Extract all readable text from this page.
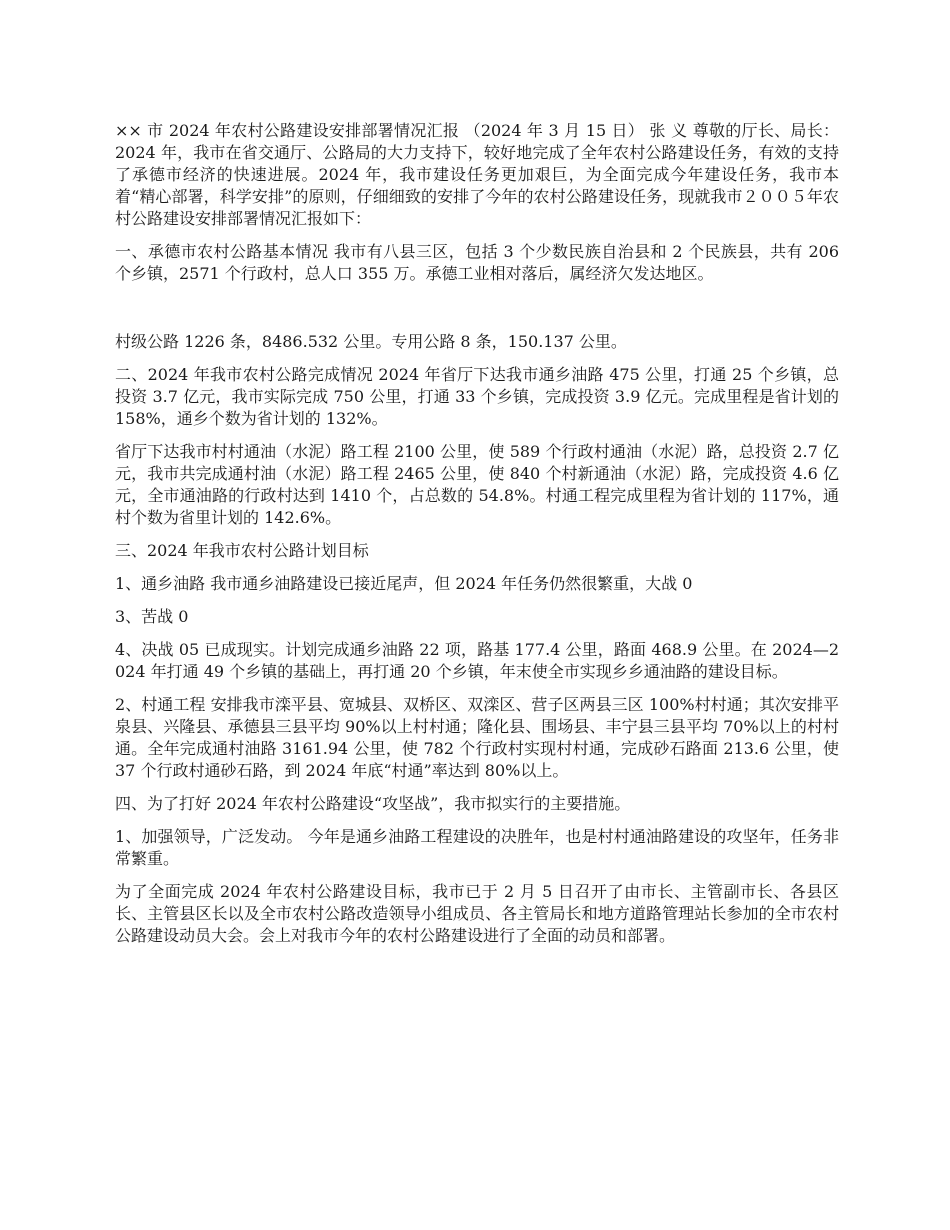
×× 市 2024 年农村公路建设安排部署情况汇报 （2024 年 3 月 15 日） 张 义 尊敬的厅长、局长： 2024 年，我市在省交通厅、公路局的大力支持下，较好地完成了全年农村公路建设任务，有效的支持了承德市经济的快速进展。2024 年，我市建设任务更加艰巨，为全面完成今年建设任务，我市本着“精心部署，科学安排”的原则，仔细细致的安排了今年的农村公路建设任务，现就我市２００５年农村公路建设安排部署情况汇报如下：

一、承德市农村公路基本情况 我市有八县三区，包括 3 个少数民族自治县和 2 个民族县，共有 206 个乡镇，2571 个行政村，总人口 355 万。承德工业相对落后，属经济欠发达地区。

村级公路 1226 条，8486.532 公里。专用公路 8 条，150.137 公里。

二、2024 年我市农村公路完成情况 2024 年省厅下达我市通乡油路 475 公里，打通 25 个乡镇，总投资 3.7 亿元，我市实际完成 750 公里，打通 33 个乡镇，完成投资 3.9 亿元。完成里程是省计划的 158%，通乡个数为省计划的 132%。

省厅下达我市村村通油（水泥）路工程 2100 公里，使 589 个行政村通油（水泥）路，总投资 2.7 亿元，我市共完成通村油（水泥）路工程 2465 公里，使 840 个村新通油（水泥）路，完成投资 4.6 亿元，全市通油路的行政村达到 1410 个，占总数的 54.8%。村通工程完成里程为省计划的 117%，通村个数为省里计划的 142.6%。

三、2024 年我市农村公路计划目标

1、通乡油路 我市通乡油路建设已接近尾声，但 2024 年任务仍然很繁重，大战 0

3、苦战 0

4、决战 05 已成现实。计划完成通乡油路 22 项，路基 177.4 公里，路面 468.9 公里。在 2024—2024 年打通 49 个乡镇的基础上，再打通 20 个乡镇，年末使全市实现乡乡通油路的建设目标。

2、村通工程 安排我市滦平县、宽城县、双桥区、双滦区、营子区两县三区 100%村村通；其次安排平泉县、兴隆县、承德县三县平均 90%以上村村通；隆化县、围场县、丰宁县三县平均 70%以上的村村通。全年完成通村油路 3161.94 公里，使 782 个行政村实现村村通，完成砂石路面 213.6 公里，使 37 个行政村通砂石路，到 2024 年底“村通”率达到 80%以上。

四、为了打好 2024 年农村公路建设“攻坚战”，我市拟实行的主要措施。

1、加强领导，广泛发动。 今年是通乡油路工程建设的决胜年，也是村村通油路建设的攻坚年，任务非常繁重。

为了全面完成 2024 年农村公路建设目标，我市已于 2 月 5 日召开了由市长、主管副市长、各县区长、主管县区长以及全市农村公路改造领导小组成员、各主管局长和地方道路管理站长参加的全市农村公路建设动员大会。会上对我市今年的农村公路建设进行了全面的动员和部署。
